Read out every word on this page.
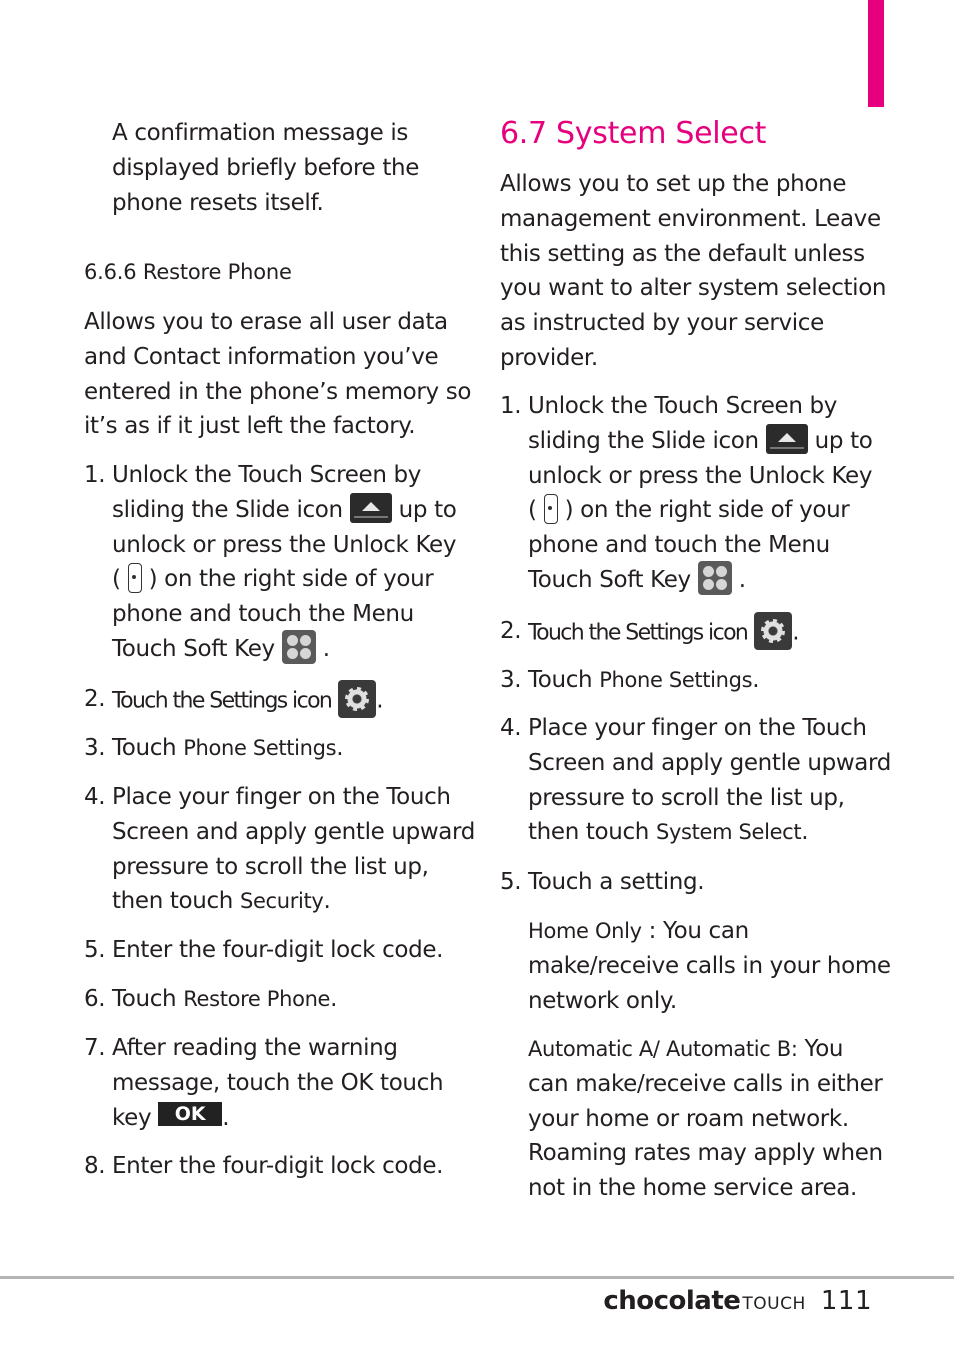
A confirmation message is
displayed briefly before the
phone resets itself.
6.6.6 Restore Phone
Allows you to erase all user data
and Contact information you’ve
entered in the phone’s memory so
it’s as if it just left the factory.
1. Unlock the Touch Screen by
sliding the Slide icon up to
unlock or press the Unlock Key
( ) on the right side of your
phone and touch the Menu
Touch Soft Key .
2. Touch the Settings icon .
3. Touch Phone Settings.
4. Place your finger on the Touch
Screen and apply gentle upward
pressure to scroll the list up,
then touch Security.
5. Enter the four-digit lock code.
6. Touch Restore Phone.
7. After reading the warning
message, touch the OK touch
key OK .
8. Enter the four-digit lock code.
6.7 System Select
Allows you to set up the phone
management environment. Leave
this setting as the default unless
you want to alter system selection
as instructed by your service
provider.
1. Unlock the Touch Screen by
sliding the Slide icon up to
unlock or press the Unlock Key
( ) on the right side of your
phone and touch the Menu
Touch Soft Key .
2. Touch the Settings icon .
3. Touch Phone Settings.
4. Place your finger on the Touch
Screen and apply gentle upward
pressure to scroll the list up,
then touch System Select.
5. Touch a setting.
Home Only : You can
make/receive calls in your home
network only.
Automatic A/ Automatic B: You
can make/receive calls in either
your home or roam network.
Roaming rates may apply when
not in the home service area.
chocolate TOUCH 111
